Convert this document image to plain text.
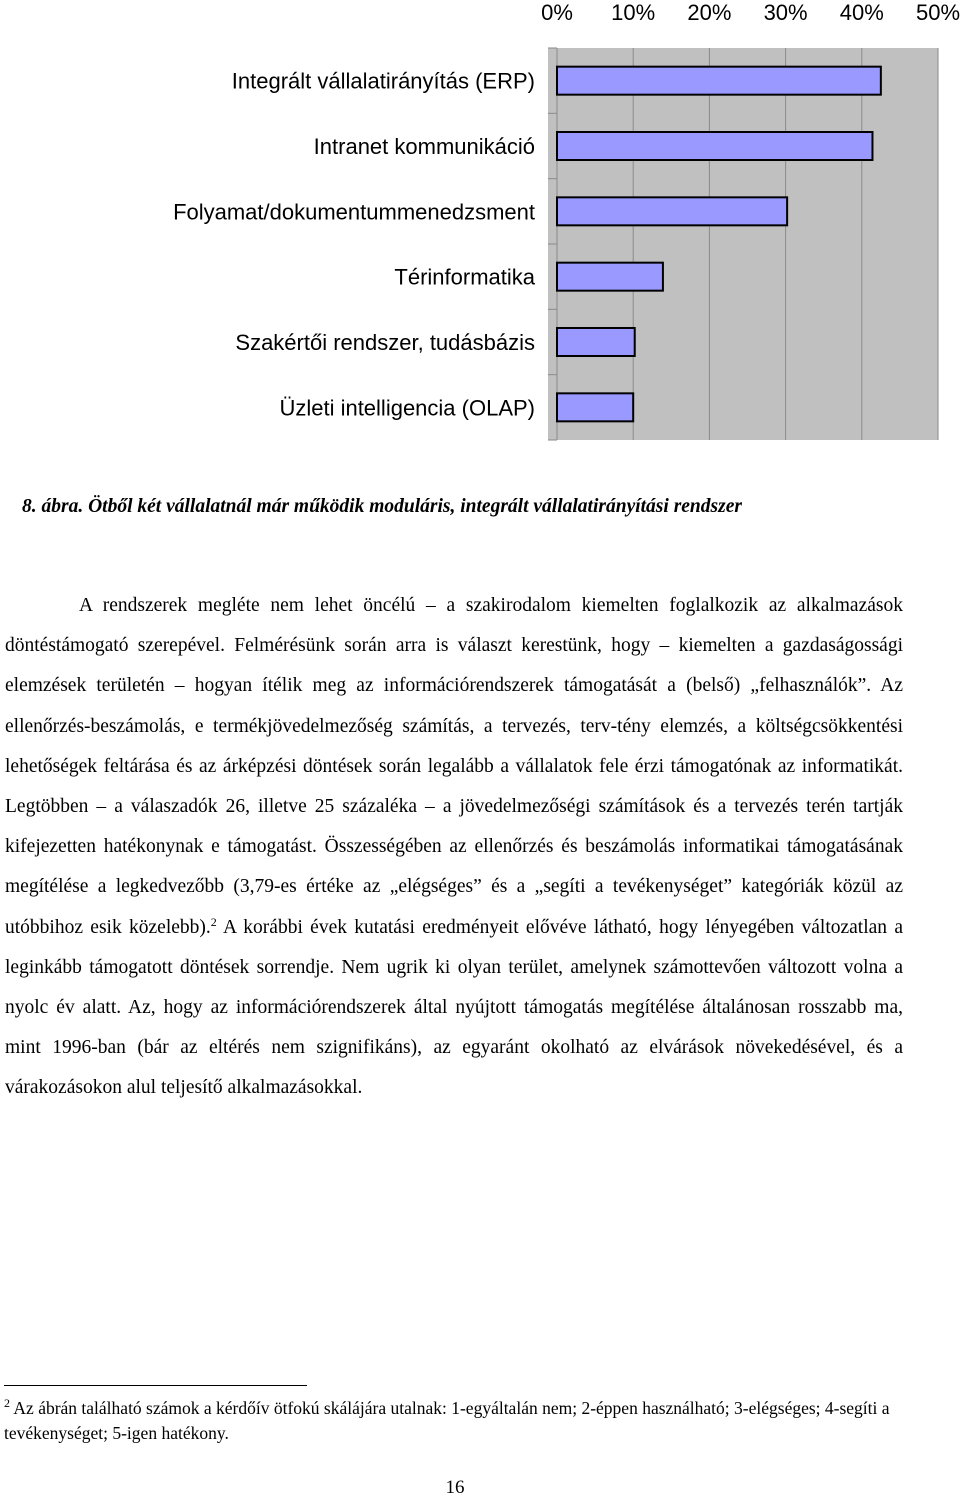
0% 10% 20% 30% 40% 50%
Integrált vállalatirányítás (ERP)
Intranet kommunikáció
Folyamat/dokumentummenedzsment
Térinformatika
Szakértői rendszer, tudásbázis
Üzleti intelligencia (OLAP)
8. ábra. Ötből két vállalatnál már működik moduláris, integrált vállalatirányítási rendszer
A rendszerek megléte nem lehet öncélú – a szakirodalom kiemelten foglalkozik az alkalmazások döntéstámogató szerepével. Felmérésünk során arra is választ kerestünk, hogy – kiemelten a gazdaságossági elemzések területén – hogyan ítélik meg az információrendszerek támogatását a (belső) „felhasználók”. Az ellenőrzés-beszámolás, e termékjövedelmezőség számítás, a tervezés, terv-tény elemzés, a költségcsökkentési lehetőségek feltárása és az árképzési döntések során legalább a vállalatok fele érzi támogatónak az informatikát. Legtöbben – a válaszadók 26, illetve 25 százaléka – a jövedelmezőségi számítások és a tervezés terén tartják kifejezetten hatékonynak e támogatást. Összességében az ellenőrzés és beszámolás informatikai támogatásának megítélése a legkedvezőbb (3,79-es értéke az „elégséges” és a „segíti a tevékenységet” kategóriák közül az utóbbihoz esik közelebb).$^2$ A korábbi évek kutatási eredményeit elővéve látható, hogy lényegében változatlan a leginkább támogatott döntések sorrendje. Nem ugrik ki olyan terület, amelynek számottevően változott volna a nyolc év alatt. Az, hogy az információrendszerek által nyújtott támogatás megítélése általánosan rosszabb ma, mint 1996-ban (bár az eltérés nem szignifikáns), az egyaránt okolható az elvárások növekedésével, és a várakozásokon alul teljesítő alkalmazásokkal.
$^2$ Az ábrán található számok a kérdőív ötfokú skálájára utalnak: 1-egyáltalán nem; 2-éppen használható; 3-elégséges; 4-segíti a tevékenységet; 5-igen hatékony.
16
